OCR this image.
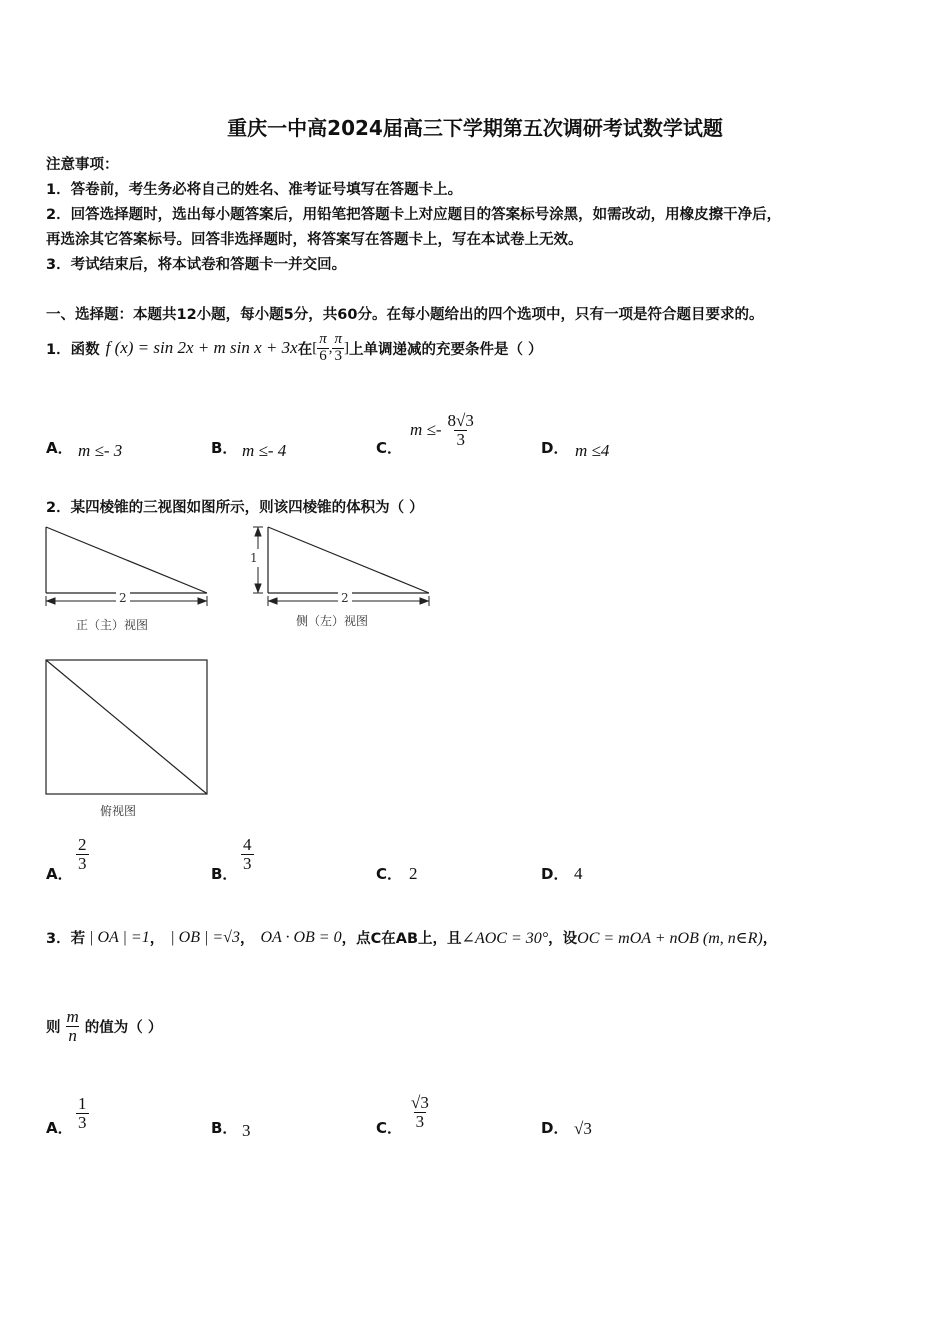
重庆一中高2024届高三下学期第五次调研考试数学试题
注意事项：
1．答卷前，考生务必将自己的姓名、准考证号填写在答题卡上。
2．回答选择题时，选出每小题答案后，用铅笔把答题卡上对应题目的答案标号涂黑，如需改动，用橡皮擦干净后，
再选涂其它答案标号。回答非选择题时，将答案写在答题卡上，写在本试卷上无效。
3．考试结束后，将本试卷和答题卡一并交回。
一、选择题：本题共12小题，每小题5分，共60分。在每小题给出的四个选项中，只有一项是符合题目要求的。
1．函数 f (x) = sin 2x + m sin x + 3x 在 [ $\frac{\pi}{6}$ , $\frac{\pi}{3}$ ] 上单调递减的充要条件是（ ）
A． m ≤- 3	B． m ≤- 4	C．
$m \le- \frac{8√3}{3}$	D． m ≤4
2．某四棱锥的三视图如图所示，则该四棱锥的体积为（ ）
2	2
1
正（主）视图	侧（左）视图
俯视图
A．
$\frac{2}{3}$
B．
$\frac{4}{3}$
C． 2	D． 4
3．若 | OA | =1 ， | OB | =√3 ， OA · OB = 0 ，点C在AB上，且 ∠AOC = 30° ，设 OC = mOA + nOB (m, n∈R) ，
则 $\frac{m}{n}$ 的值为（ ）
A． $\frac{1}{3}$	B． 3	C． $\frac{√3}{3}$	D． √3
